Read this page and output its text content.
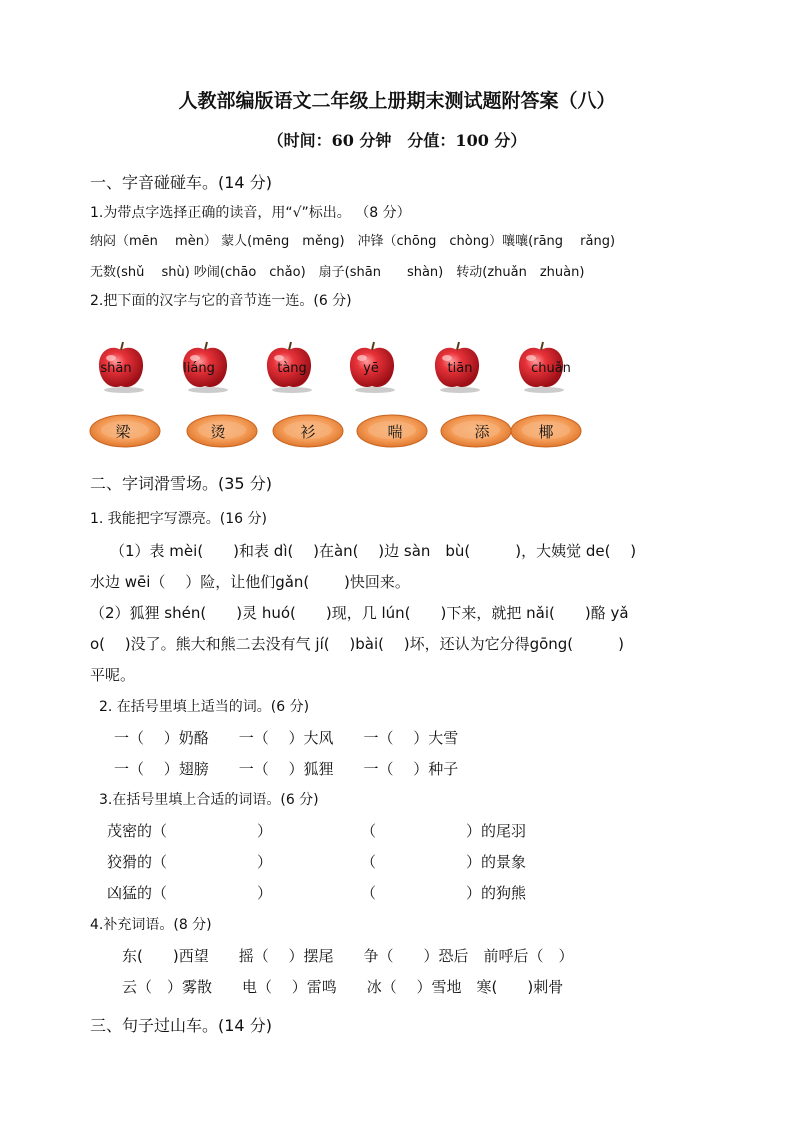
人教部编版语文二年级上册期末测试题附答案（八）
（时间：60 分钟　分值：100 分）
一、字音碰碰车。(14 分)
1.为带点字选择正确的读音，用“√”标出。 （8 分）
纳闷（mēn　 mèn） 蒙人(mēng　měng)　冲锋（chōng　chòng）嚷嚷(rāng　 rǎng)
无数(shǔ　 shù) 吵闹(chāo　chǎo)　扇子(shān　　shàn)　转动(zhuǎn　zhuàn)
2.把下面的汉字与它的音节连一连。(6 分)
shān	liáng	tàng	yē	tiān	chuǎn
梁	烫	衫	喘	添	椰
二、字词滑雪场。(35 分)
1. 我能把字写漂亮。(16 分)
（1）表 mèi(　　)和表 dì(　 )在àn(　 )边 sàn　bù(　　　)，大姨觉 de(　 )
水边 wēi（　 ）险，让他们gǎn(　　 )快回来。
（2）狐狸 shén(　　)灵 huó(　　)现，几 lún(　　)下来，就把 nǎi(　　)酪 yǎ
o(　 )没了。熊大和熊二去没有气 jí(　 )bài(　 )坏，还认为它分得gōng(　　　)
平呢。
2. 在括号里填上适当的词。(6 分)
一（　 ）奶酪　　一（　 ）大风　　一（　 ）大雪
一（　 ）翅膀　　一（　 ）狐狸　　一（　 ）种子
3.在括号里填上合适的词语。(6 分)
茂密的（　　　　　　）	（　　　　　　）的尾羽
狡猾的（　　　　　　）	（　　　　　　）的景象
凶猛的（　　　　　　）	（　　　　　　）的狗熊
4.补充词语。(8 分)
东(　　)西望　　摇（　 ）摆尾　　争（　　）恐后　前呼后（　）
云（　）雾散　　电（　 ）雷鸣　　冰（　 ）雪地　寒(　　)刺骨
三、句子过山车。(14 分)
